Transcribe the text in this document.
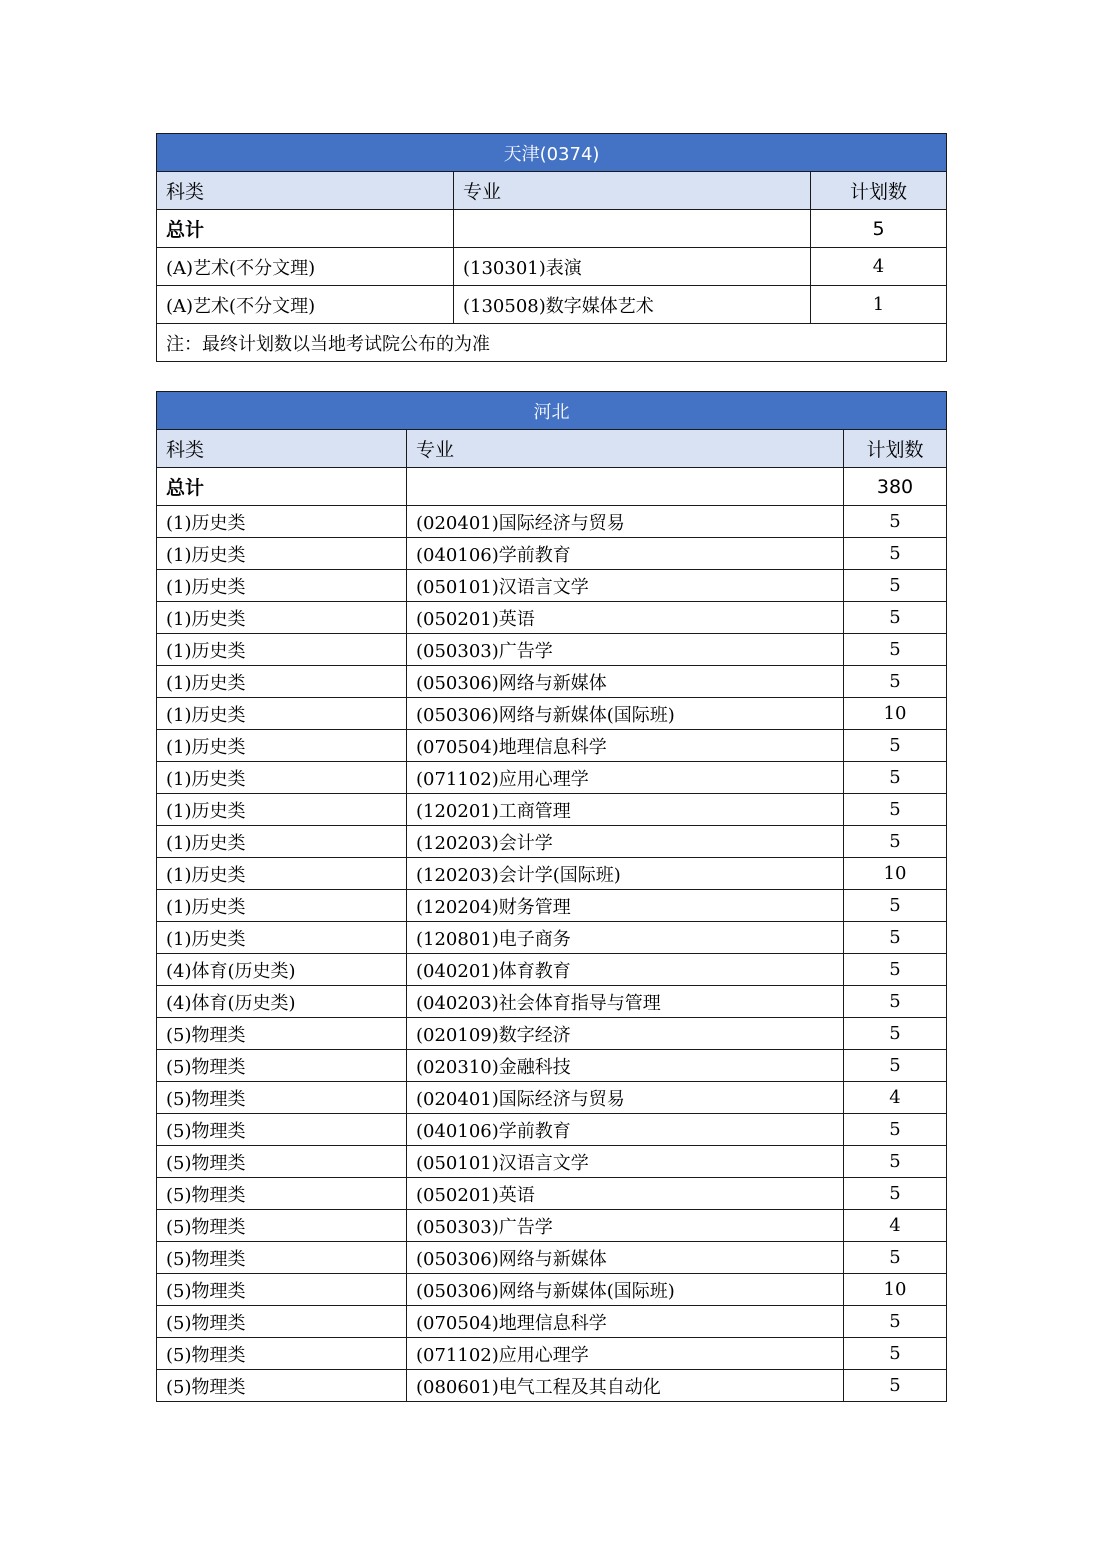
天津(0374)		
科类	专业	计划数
总计		5
(A)艺术(不分文理)	(130301)表演	4
(A)艺术(不分文理)	(130508)数字媒体艺术	1
注：最终计划数以当地考试院公布的为准		
河北		
科类	专业	计划数
总计		380
(1)历史类	(020401)国际经济与贸易	5
(1)历史类	(040106)学前教育	5
(1)历史类	(050101)汉语言文学	5
(1)历史类	(050201)英语	5
(1)历史类	(050303)广告学	5
(1)历史类	(050306)网络与新媒体	5
(1)历史类	(050306)网络与新媒体(国际班)	10
(1)历史类	(070504)地理信息科学	5
(1)历史类	(071102)应用心理学	5
(1)历史类	(120201)工商管理	5
(1)历史类	(120203)会计学	5
(1)历史类	(120203)会计学(国际班)	10
(1)历史类	(120204)财务管理	5
(1)历史类	(120801)电子商务	5
(4)体育(历史类)	(040201)体育教育	5
(4)体育(历史类)	(040203)社会体育指导与管理	5
(5)物理类	(020109)数字经济	5
(5)物理类	(020310)金融科技	5
(5)物理类	(020401)国际经济与贸易	4
(5)物理类	(040106)学前教育	5
(5)物理类	(050101)汉语言文学	5
(5)物理类	(050201)英语	5
(5)物理类	(050303)广告学	4
(5)物理类	(050306)网络与新媒体	5
(5)物理类	(050306)网络与新媒体(国际班)	10
(5)物理类	(070504)地理信息科学	5
(5)物理类	(071102)应用心理学	5
(5)物理类	(080601)电气工程及其自动化	5
